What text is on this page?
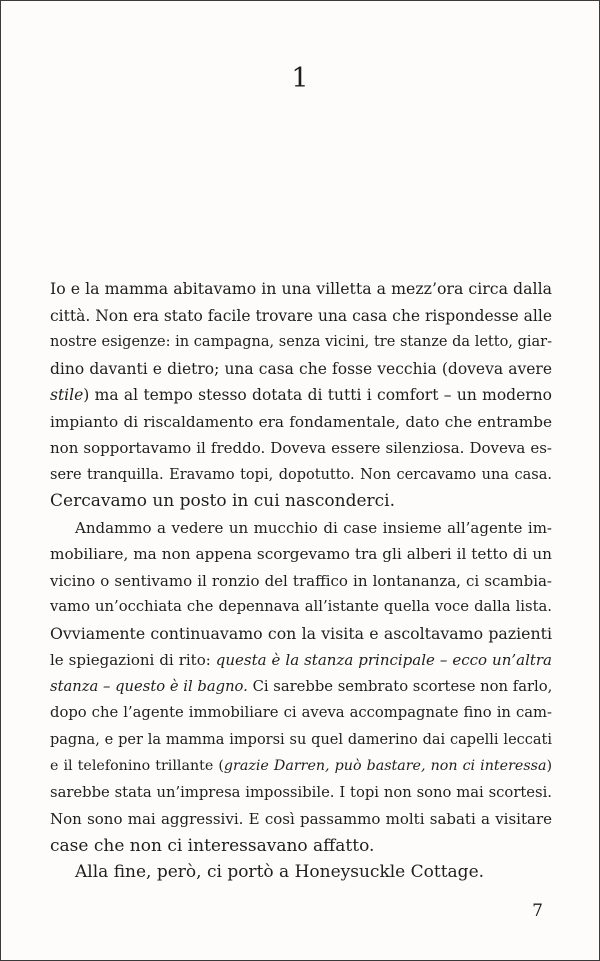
1
Io e la mamma abitavamo in una villetta a mezz’ora circa dalla
città. Non era stato facile trovare una casa che rispondesse alle
nostre esigenze: in campagna, senza vicini, tre stanze da letto, giar-
dino davanti e dietro; una casa che fosse vecchia (doveva avere
stile) ma al tempo stesso dotata di tutti i comfort – un moderno
impianto di riscaldamento era fondamentale, dato che entrambe
non sopportavamo il freddo. Doveva essere silenziosa. Doveva es-
sere tranquilla. Eravamo topi, dopotutto. Non cercavamo una casa.
Cercavamo un posto in cui nasconderci.
Andammo a vedere un mucchio di case insieme all’agente im-
mobiliare, ma non appena scorgevamo tra gli alberi il tetto di un
vicino o sentivamo il ronzio del traffico in lontananza, ci scambia-
vamo un’occhiata che depennava all’istante quella voce dalla lista.
Ovviamente continuavamo con la visita e ascoltavamo pazienti
le spiegazioni di rito: questa è la stanza principale – ecco un’altra
stanza – questo è il bagno. Ci sarebbe sembrato scortese non farlo,
dopo che l’agente immobiliare ci aveva accompagnate fino in cam-
pagna, e per la mamma imporsi su quel damerino dai capelli leccati
e il telefonino trillante (grazie Darren, può bastare, non ci interessa)
sarebbe stata un’impresa impossibile. I topi non sono mai scortesi.
Non sono mai aggressivi. E così passammo molti sabati a visitare
case che non ci interessavano affatto.
Alla fine, però, ci portò a Honeysuckle Cottage.
7
